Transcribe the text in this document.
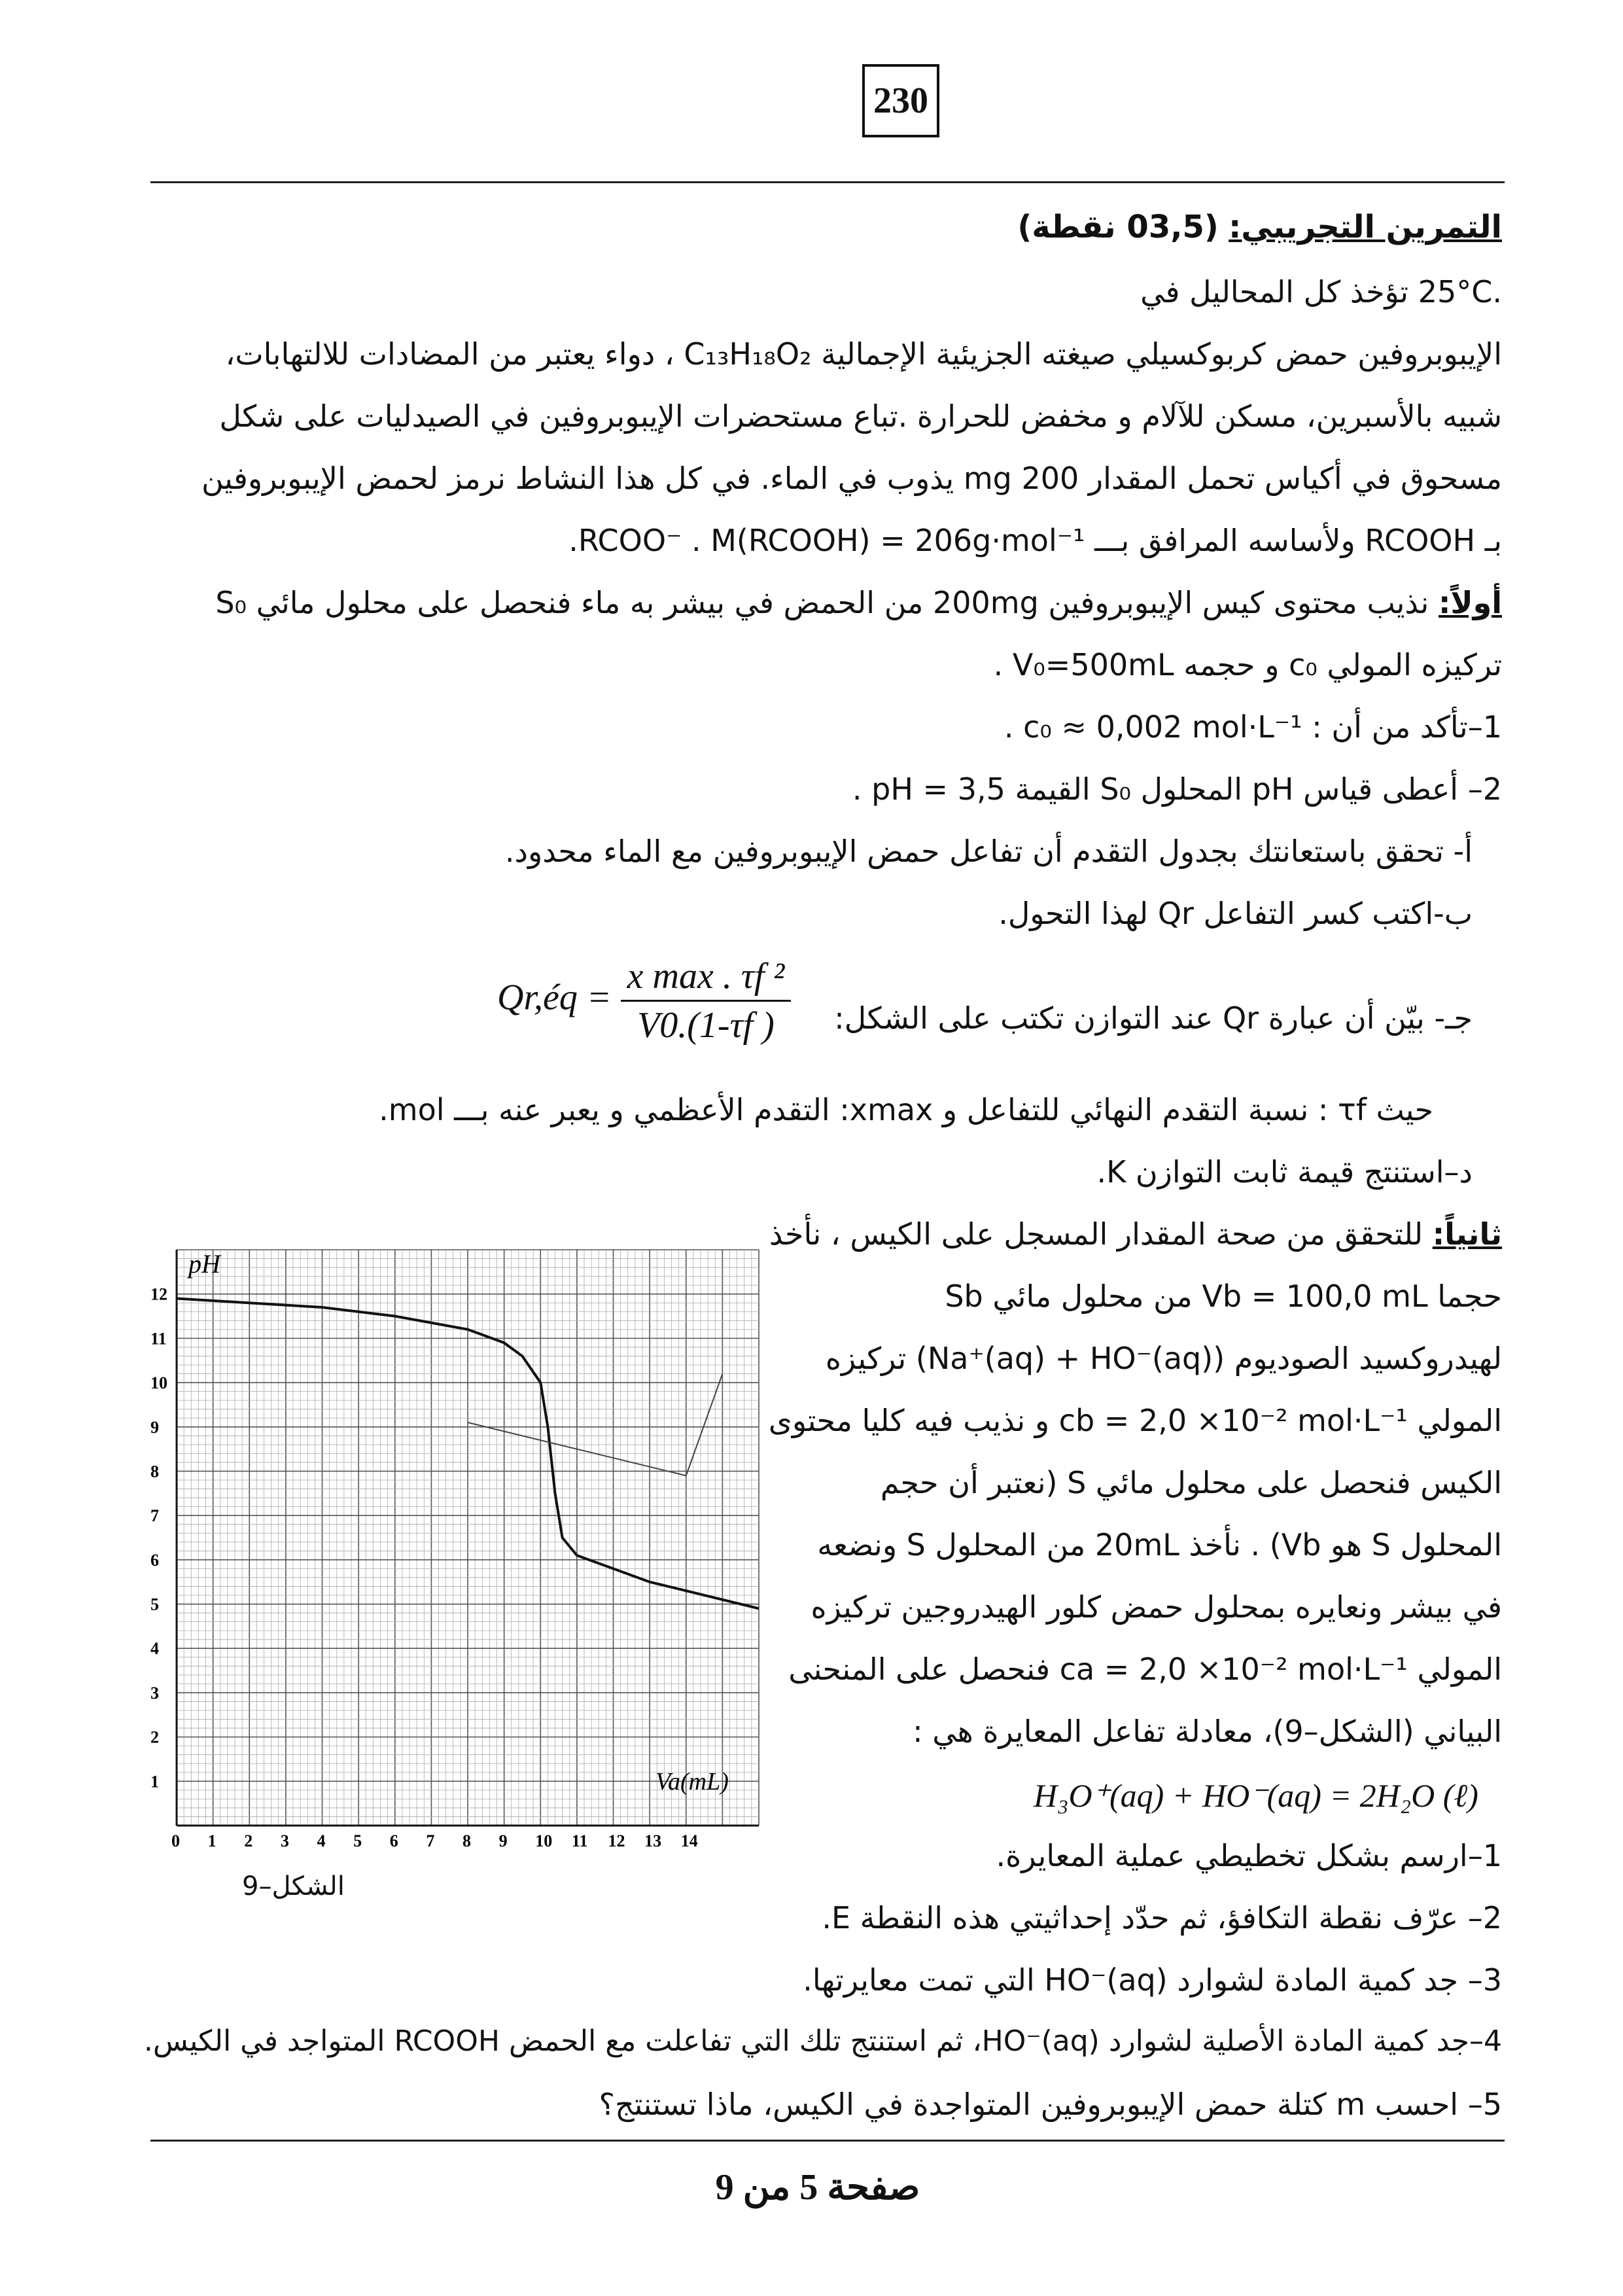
230
التمرين التجريبي: (03,5 نقطة)
.25°C تؤخذ كل المحاليل في
الإيبوبروفين حمض كربوكسيلي صيغته الجزيئية الإجمالية C₁₃H₁₈O₂ ، دواء يعتبر من المضادات للالتهابات،
شبيه بالأسبرين، مسكن للآلام و مخفض للحرارة .تباع مستحضرات الإيبوبروفين في الصيدليات على شكل
مسحوق في أكياس تحمل المقدار 200 mg يذوب في الماء. في كل هذا النشاط نرمز لحمض الإيبوبروفين
بـ RCOOH ولأساسه المرافق بـــ RCOO⁻ . M(RCOOH) = 206g·mol⁻¹.
أولاً: نذيب محتوى كيس الإيبوبروفين 200mg من الحمض في بيشر به ماء فنحصل على محلول مائي S₀
تركيزه المولي c₀ و حجمه V₀=500mL .
1–تأكد من أن : c₀ ≈ 0,002 mol·L⁻¹ .
2– أعطى قياس pH المحلول S₀ القيمة pH = 3,5 .
أ- تحقق باستعانتك بجدول التقدم أن تفاعل حمض الإيبوبروفين مع الماء محدود.
ب-اكتب كسر التفاعل Qr لهذا التحول.
جـ- بيّن أن عبارة Qr عند التوازن تكتب على الشكل:
Qr,éq = $\frac{\text{x max . τf ²}}{V0.(1-\tau f )}$
حيث τf : نسبة التقدم النهائي للتفاعل و xmax: التقدم الأعظمي و يعبر عنه بـــ mol.
د–استنتج قيمة ثابت التوازن K.
ثانياً: للتحقق من صحة المقدار المسجل على الكيس ، نأخذ
حجما Vb = 100,0 mL من محلول مائي Sb
لهيدروكسيد الصوديوم (Na⁺(aq) + HO⁻(aq)) تركيزه
المولي cb = 2,0 ×10⁻² mol·L⁻¹ و نذيب فيه كليا محتوى
الكيس فنحصل على محلول مائي S (نعتبر أن حجم
المحلول S هو Vb) . نأخذ 20mL من المحلول S ونضعه
في بيشر ونعايره بمحلول حمض كلور الهيدروجين تركيزه
المولي ca = 2,0 ×10⁻² mol·L⁻¹ فنحصل على المنحنى
البياني (الشكل–9)، معادلة تفاعل المعايرة هي :
H₃O⁺(aq) + HO⁻(aq) = 2H₂O (ℓ)
1–ارسم بشكل تخطيطي عملية المعايرة.
2– عرّف نقطة التكافؤ، ثم حدّد إحداثيتي هذه النقطة E.
3– جد كمية المادة لشوارد HO⁻(aq) التي تمت معايرتها.
4–جد كمية المادة الأصلية لشوارد HO⁻(aq)، ثم استنتج تلك التي تفاعلت مع الحمض RCOOH المتواجد في الكيس.
5– احسب m كتلة حمض الإيبوبروفين المتواجدة في الكيس، ماذا تستنتج؟
0 1 2 3 4 5 6 7 8 9 10 11 12 13 14
1
2
3
4
5
6
7
8
9
10
11
12
pH
Va(mL)
الشكل–9
صفحة 5 من 9
